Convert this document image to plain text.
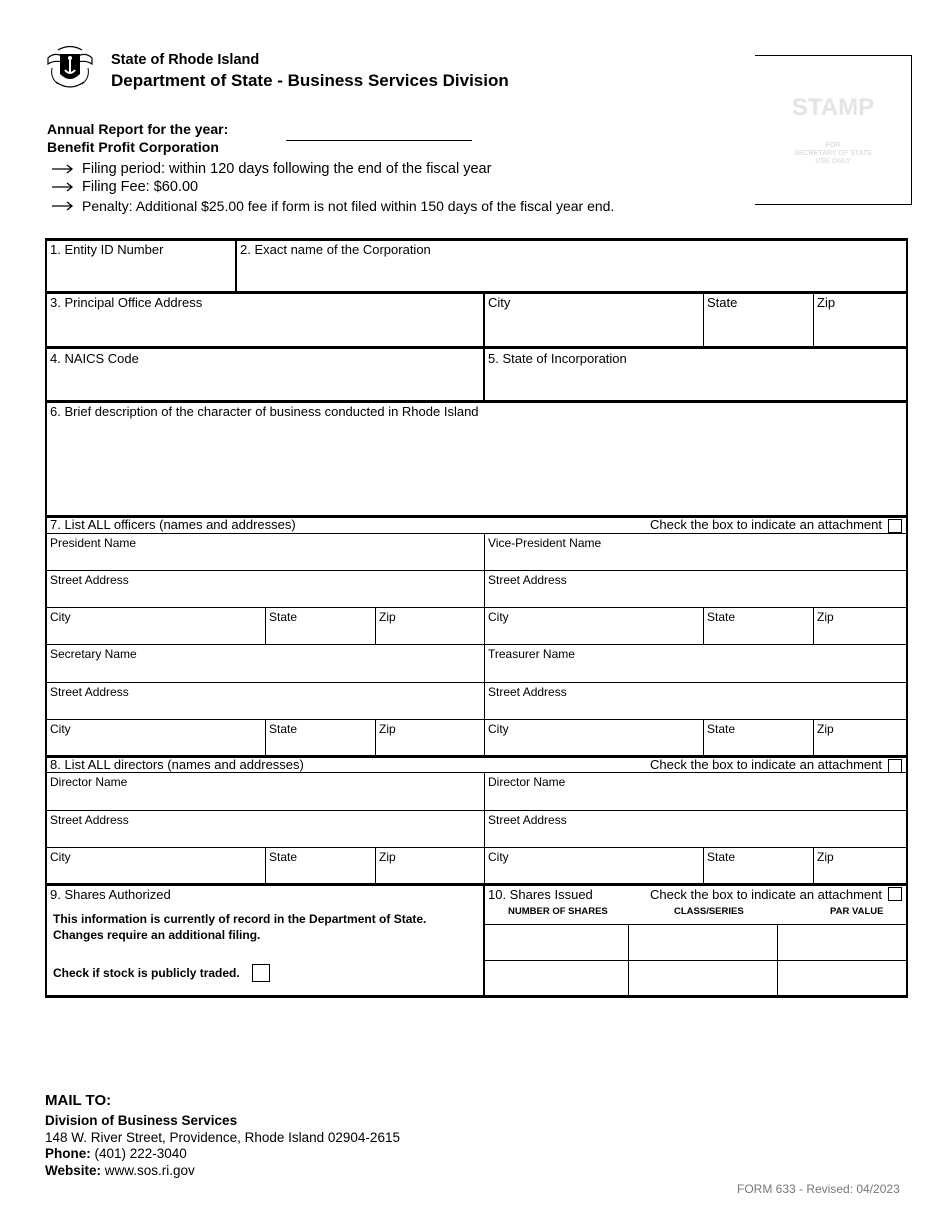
State of Rhode Island
Department of State - Business Services Division
Annual Report for the year:
Benefit Profit Corporation
Filing period: within 120 days following the end of the fiscal year
Filing Fee: $60.00
Penalty: Additional $25.00 fee if form is not filed within 150 days of the fiscal year end.
STAMP
FOR
SECRETARY OF STATE
USE ONLY
1. Entity ID Number	2. Exact name of the Corporation
3. Principal Office Address	City	State	Zip
4. NAICS Code	5. State of Incorporation
6. Brief description of the character of business conducted in Rhode Island
7. List ALL officers (names and addresses)	Check the box to indicate an attachment
President Name	Vice-President Name
Street Address	Street Address
City	State	Zip	City	State	Zip
Secretary Name	Treasurer Name
Street Address	Street Address
City	State	Zip	City	State	Zip
8. List ALL directors (names and addresses)	Check the box to indicate an attachment
Director Name	Director Name
Street Address	Street Address
City	State	Zip	City	State	Zip
9. Shares Authorized
This information is currently of record in the Department of State.
Changes require an additional filing.
Check if stock is publicly traded.
10. Shares Issued	Check the box to indicate an attachment
NUMBER OF SHARES	CLASS/SERIES	PAR VALUE
MAIL TO:
Division of Business Services
148 W. River Street, Providence, Rhode Island 02904-2615
Phone: (401) 222-3040
Website: www.sos.ri.gov
FORM 633 - Revised: 04/2023
